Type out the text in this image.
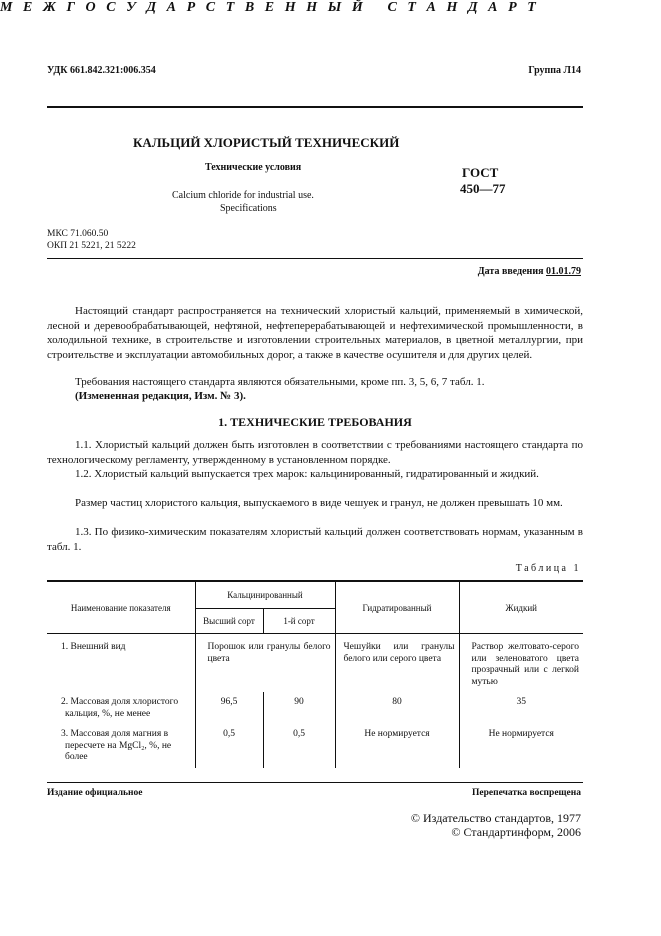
УДК 661.842.321:006.354	Группа Л14
М Е Ж Г О С У Д А Р С Т В Е Н Н Ы Й
С Т А Н Д А Р Т
КАЛЬЦИЙ ХЛОРИСТЫЙ ТЕХНИЧЕСКИЙ
Технические условия
Calcium chloride for industrial use.
Specifications
ГОСТ
450—77
МКС 71.060.50
ОКП 21 5221, 21 5222
Дата введения 01.01.79
Настоящий стандарт распространяется на технический хлористый кальций, применяемый в химической, лесной и деревообрабатывающей, нефтяной, нефтеперерабатывающей и нефтехимической промышленности, в холодильной технике, в строительстве и изготовлении строительных материалов, в цветной металлургии, при строительстве и эксплуатации автомобильных дорог, а также в качестве осушителя и для других целей.
Требования настоящего стандарта являются обязательными, кроме пп. 3, 5, 6, 7 табл. 1.
(Измененная редакция, Изм. № 3).
1. ТЕХНИЧЕСКИЕ ТРЕБОВАНИЯ
1.1. Хлористый кальций должен быть изготовлен в соответствии с требованиями настоящего стандарта по технологическому регламенту, утвержденному в установленном порядке.
1.2. Хлористый кальций выпускается трех марок: кальцинированный, гидратированный и жидкий.
Размер частиц хлористого кальция, выпускаемого в виде чешуек и гранул, не должен превышать 10 мм.
1.3. По физико-химическим показателям хлористый кальций должен соответствовать нормам, указанным в табл. 1.
Таблица 1
Наименование показателя	Кальцинированный		Гидратированный	Жидкий
	Высший сорт	1-й сорт		
1. Внешний вид	Порошок или гранулы белого цвета		Чешуйки или гранулы белого или серого цвета	Раствор желтовато-серого или зеленоватого цвета прозрачный или с легкой мутью
2. Массовая доля хлористого кальция, %, не менее	96,5	90	80	35
3. Массовая доля магния в пересчете на MgCl₂, %, не более	0,5	0,5	Не нормируется	Не нормируется
Издание официальное	Перепечатка воспрещена
© Издательство стандартов, 1977
© Стандартинформ, 2006
